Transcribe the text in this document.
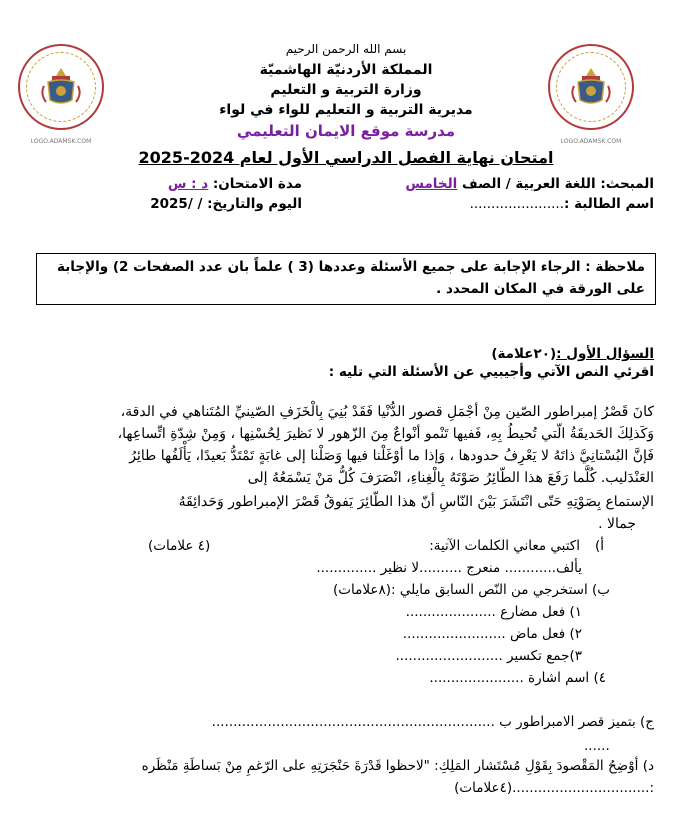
LOGO.ADAMSK.COM	LOGO.ADAMSK.COM
بسم الله الرحمن الرحيم
المملكة الأردنيّة الهاشميّة
وزارة التربية و التعليم
مديرية التربية و التعليم للواء في لواء
مدرسة موقع الايمان التعليمي
امتحان نهاية الفصل الدراسي الأول لعام 2024-2025
المبحث: اللغة العربية / الصف الخامس
مدة الامتحان: د : س
اسم الطالبة :......................
اليوم والتاريخ: / /2025
ملاحظة : الرجاء الإجابة على جميع الأسئلة وعددها (3 ) علماً بان عدد الصفحات 2) والإجابة
على الورقة في المكان المحدد .
السؤال الأول :(٢٠علامة)
اقرئي النص الآتي وأجيبيي عن الأسئلة التي تليه :
كانَ قَصْرُ إمبراطور الصّين مِنْ أجْمَلِ قصور الدُّنْيا فَقَدْ بُنِيَ بِالْخَزَفِ الصّينيِّ المُتَناهي في الدقة،
وَكَذلِكَ الحَديقَةُ الّتي تُحيطُ بِهِ، فَفيها تَنْمو أنْواعٌ مِنَ الزّهور لا نَظيرَ لِحُسْنِها ، وَمِنْ شِدّةِ اتِّساعِها،
فَإنَّ البُسْتانِيَّ ذاتَهُ لا يَعْرِفُ حدودها ، وَإذا ما أوْغَلْنا فيها وَصَلْنا إلى غابَةٍ تَمْتَدُّ بَعيدًا، يَأْلَفُها طائِرُ
العَنْدَليب. كُلَّما رَفَعَ هذا الطّائِرُ صَوْتَهُ بِالْغِناءِ، انْصَرَفَ كُلُّ مَنْ يَسْمَعُهُ إلى
الإستماع بِصَوْتِهِ حَتّى انْتَشَرَ بَيْنَ النّاسِ أنّ هذا الطّائِرَ يَفوقُ قَصْرَ الإمبراطور وَحَدائِقَهُ
جمالا .
أ)
اكتبي معاني الكلمات الآتية:
(٤ علامات)
يألف............ منعرج ..........لا نظير ..............
ب) استخرجي من النّص السابق مايلي :(٨علامات)
١) فعل مضارع .....................
٢) فعل ماض ........................
٣)جمع تكسير .........................
٤) اسم اشارة ......................
ج) بتميز قصر الامبراطور ب ..................................................................
......
د) أوْضِحُ المَقْصودَ بِقَوْلِ مُسْتَشار المَلِكِ: "لاحظوا قَدْرَةَ حَنْجَرَتِهِ على الرّغمِ مِنْ بَساطَةِ مَنْظَره
:................................(٤علامات)
